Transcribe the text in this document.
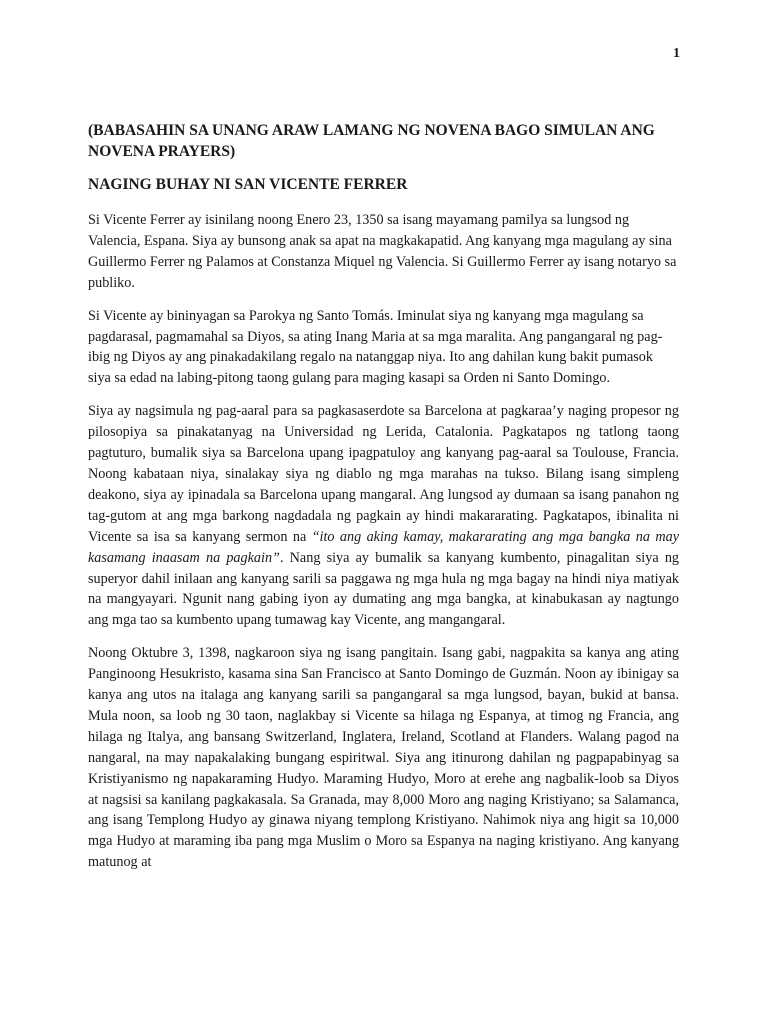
1

(BABASAHIN SA UNANG ARAW LAMANG NG NOVENA BAGO SIMULAN ANG NOVENA PRAYERS)

NAGING BUHAY NI SAN VICENTE FERRER

Si Vicente Ferrer ay isinilang noong Enero 23, 1350 sa isang mayamang pamilya sa lungsod ng Valencia, Espana. Siya ay bunsong anak sa apat na magkakapatid. Ang kanyang mga magulang ay sina Guillermo Ferrer ng Palamos at Constanza Miquel ng Valencia. Si Guillermo Ferrer ay isang notaryo sa publiko.

Si Vicente ay bininyagan sa Parokya ng Santo Tomás. Iminulat siya ng kanyang mga magulang sa pagdarasal, pagmamahal sa Diyos, sa ating Inang Maria at sa mga maralita. Ang pangangaral ng pag-ibig ng Diyos ay ang pinakadakilang regalo na natanggap niya. Ito ang dahilan kung bakit pumasok siya sa edad na labing-pitong taong gulang para maging kasapi sa Orden ni Santo Domingo.

Siya ay nagsimula ng pag-aaral para sa pagkasaserdote sa Barcelona at pagkaraa’y naging propesor ng pilosopiya sa pinakatanyag na Universidad ng Lerida, Catalonia. Pagkatapos ng tatlong taong pagtuturo, bumalik siya sa Barcelona upang ipagpatuloy ang kanyang pag-aaral sa Toulouse, Francia. Noong kabataan niya, sinalakay siya ng diablo ng mga marahas na tukso. Bilang isang simpleng deakono, siya ay ipinadala sa Barcelona upang mangaral. Ang lungsod ay dumaan sa isang panahon ng tag-gutom at ang mga barkong nagdadala ng pagkain ay hindi makararating. Pagkatapos, ibinalita ni Vicente sa isa sa kanyang sermon na “ito ang aking kamay, makararating ang mga bangka na may kasamang inaasam na pagkain”. Nang siya ay bumalik sa kanyang kumbento, pinagalitan siya ng superyor dahil inilaan ang kanyang sarili sa paggawa ng mga hula ng mga bagay na hindi niya matiyak na mangyayari. Ngunit nang gabing iyon ay dumating ang mga bangka, at kinabukasan ay nagtungo ang mga tao sa kumbento upang tumawag kay Vicente, ang mangangaral.

Noong Oktubre 3, 1398, nagkaroon siya ng isang pangitain. Isang gabi, nagpakita sa kanya ang ating Panginoong Hesukristo, kasama sina San Francisco at Santo Domingo de Guzmán. Noon ay ibinigay sa kanya ang utos na italaga ang kanyang sarili sa pangangaral sa mga lungsod, bayan, bukid at bansa. Mula noon, sa loob ng 30 taon, naglakbay si Vicente sa hilaga ng Espanya, at timog ng Francia, ang hilaga ng Italya, ang bansang Switzerland, Inglatera, Ireland, Scotland at Flanders. Walang pagod na nangaral, na may napakalaking bungang espiritwal. Siya ang itinurong dahilan ng pagpapabinyag sa Kristiyanismo ng napakaraming Hudyo. Maraming Hudyo, Moro at erehe ang nagbalik-loob sa Diyos at nagsisi sa kanilang pagkakasala. Sa Granada, may 8,000 Moro ang naging Kristiyano; sa Salamanca, ang isang Templong Hudyo ay ginawa niyang templong Kristiyano. Nahimok niya ang higit sa 10,000 mga Hudyo at maraming iba pang mga Muslim o Moro sa Espanya na naging kristiyano. Ang kanyang matunog at
